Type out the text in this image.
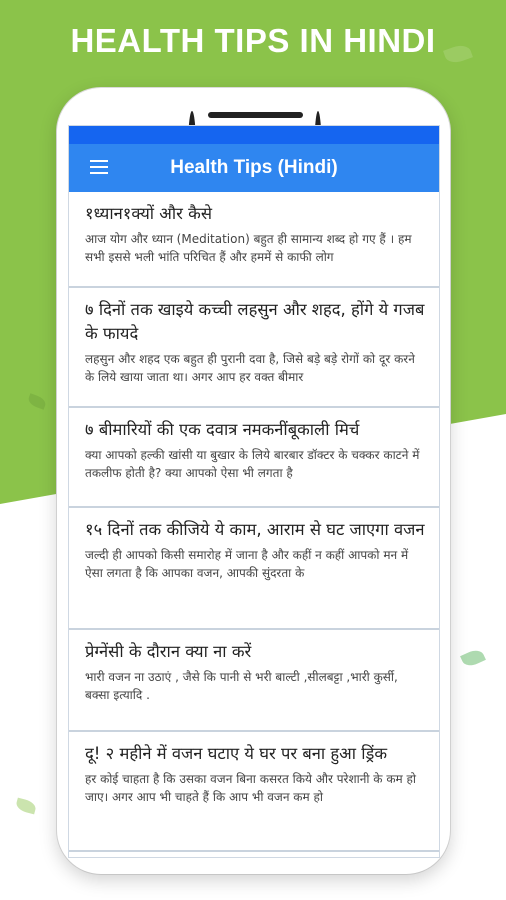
HEALTH TIPS IN HINDI
Health Tips (Hindi)
१ध्यान१क्यों और कैसे
आज योग और ध्यान (Meditation) बहुत ही सामान्य शब्द हो गए हैं । हम सभी इससे भली भांति परिचित हैं और हममें से काफी लोग
७ दिनों तक खाइये कच्ची लहसुन और शहद, होंगे ये गजब के फायदे
लहसुन और शहद एक बहुत ही पुरानी दवा है, जिसे बड़े बड़े रोगों को दूर करने के लिये खाया जाता था। अगर आप हर वक्त बीमार
७ बीमारियों की एक दवात्र नमकनींबूकाली मिर्च
क्या आपको हल्की खांसी या बुखार के लिये बारबार डॉक्टर के चक्कर काटने में तकलीफ होती है? क्या आपको ऐसा भी लगता है
१५ दिनों तक कीजिये ये काम, आराम से घट जाएगा वजन
जल्दी ही आपको किसी समारोह में जाना है और कहीं न कहीं आपको मन में ऐसा लगता है कि आपका वजन, आपकी सुंदरता के
प्रेग्नेंसी के दौरान क्या ना करें
भारी वजन ना उठाएं , जैसे कि पानी से भरी बाल्टी ,सीलबट्टा ,भारी कुर्सी, बक्सा इत्यादि .
दू! २ महीने में वजन घटाए ये घर पर बना हुआ ड्रिंक
हर कोई चाहता है कि उसका वजन बिना कसरत किये और परेशानी के कम हो जाए। अगर आप भी चाहते हैं कि आप भी वजन कम हो
